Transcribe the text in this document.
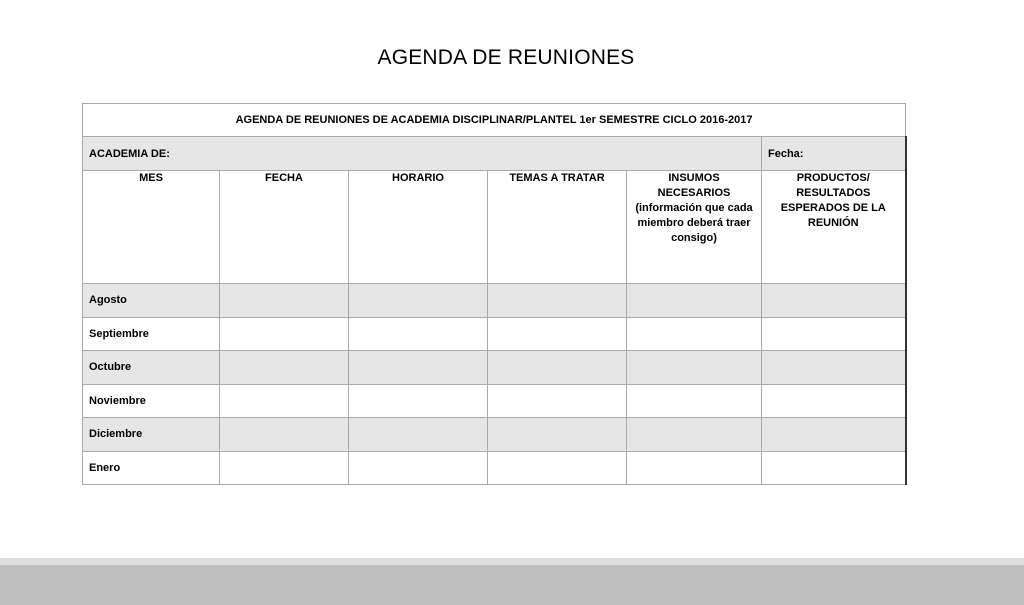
AGENDA DE REUNIONES
AGENDA DE REUNIONES DE ACADEMIA DISCIPLINAR/PLANTEL 1er SEMESTRE CICLO 2016-2017					
ACADEMIA DE:					Fecha:
MES	FECHA	HORARIO	TEMAS A TRATAR	INSUMOS NECESARIOS (información que cada miembro deberá traer consigo)	PRODUCTOS/ RESULTADOS ESPERADOS DE LA REUNIÓN
Agosto					
Septiembre					
Octubre					
Noviembre					
Diciembre					
Enero					
